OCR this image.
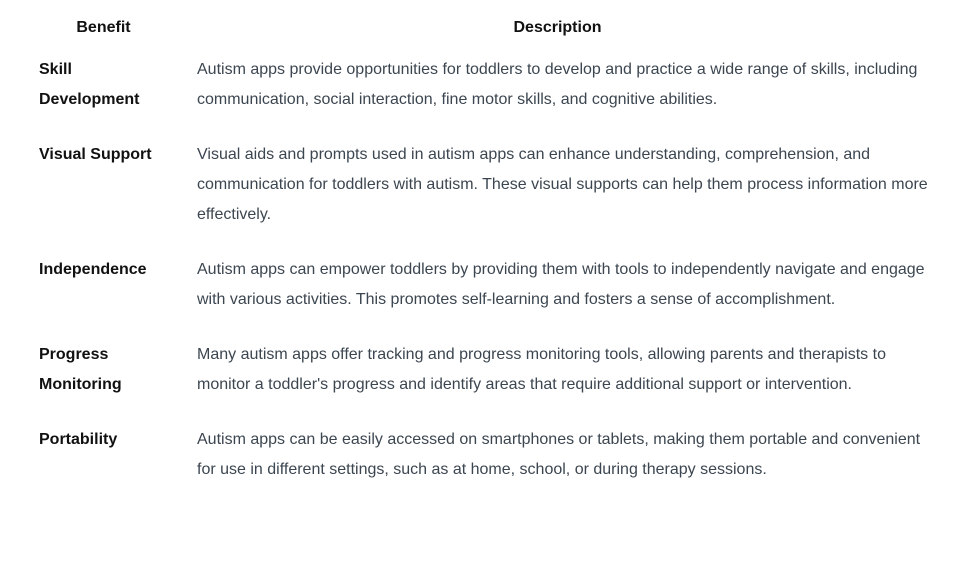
Benefit	Description
Skill Development	Autism apps provide opportunities for toddlers to develop and practice a wide range of skills, including communication, social interaction, fine motor skills, and cognitive abilities.
Visual Support	Visual aids and prompts used in autism apps can enhance understanding, comprehension, and communication for toddlers with autism. These visual supports can help them process information more effectively.
Independence	Autism apps can empower toddlers by providing them with tools to independently navigate and engage with various activities. This promotes self-learning and fosters a sense of accomplishment.
Progress Monitoring	Many autism apps offer tracking and progress monitoring tools, allowing parents and therapists to monitor a toddler's progress and identify areas that require additional support or intervention.
Portability	Autism apps can be easily accessed on smartphones or tablets, making them portable and convenient for use in different settings, such as at home, school, or during therapy sessions.
